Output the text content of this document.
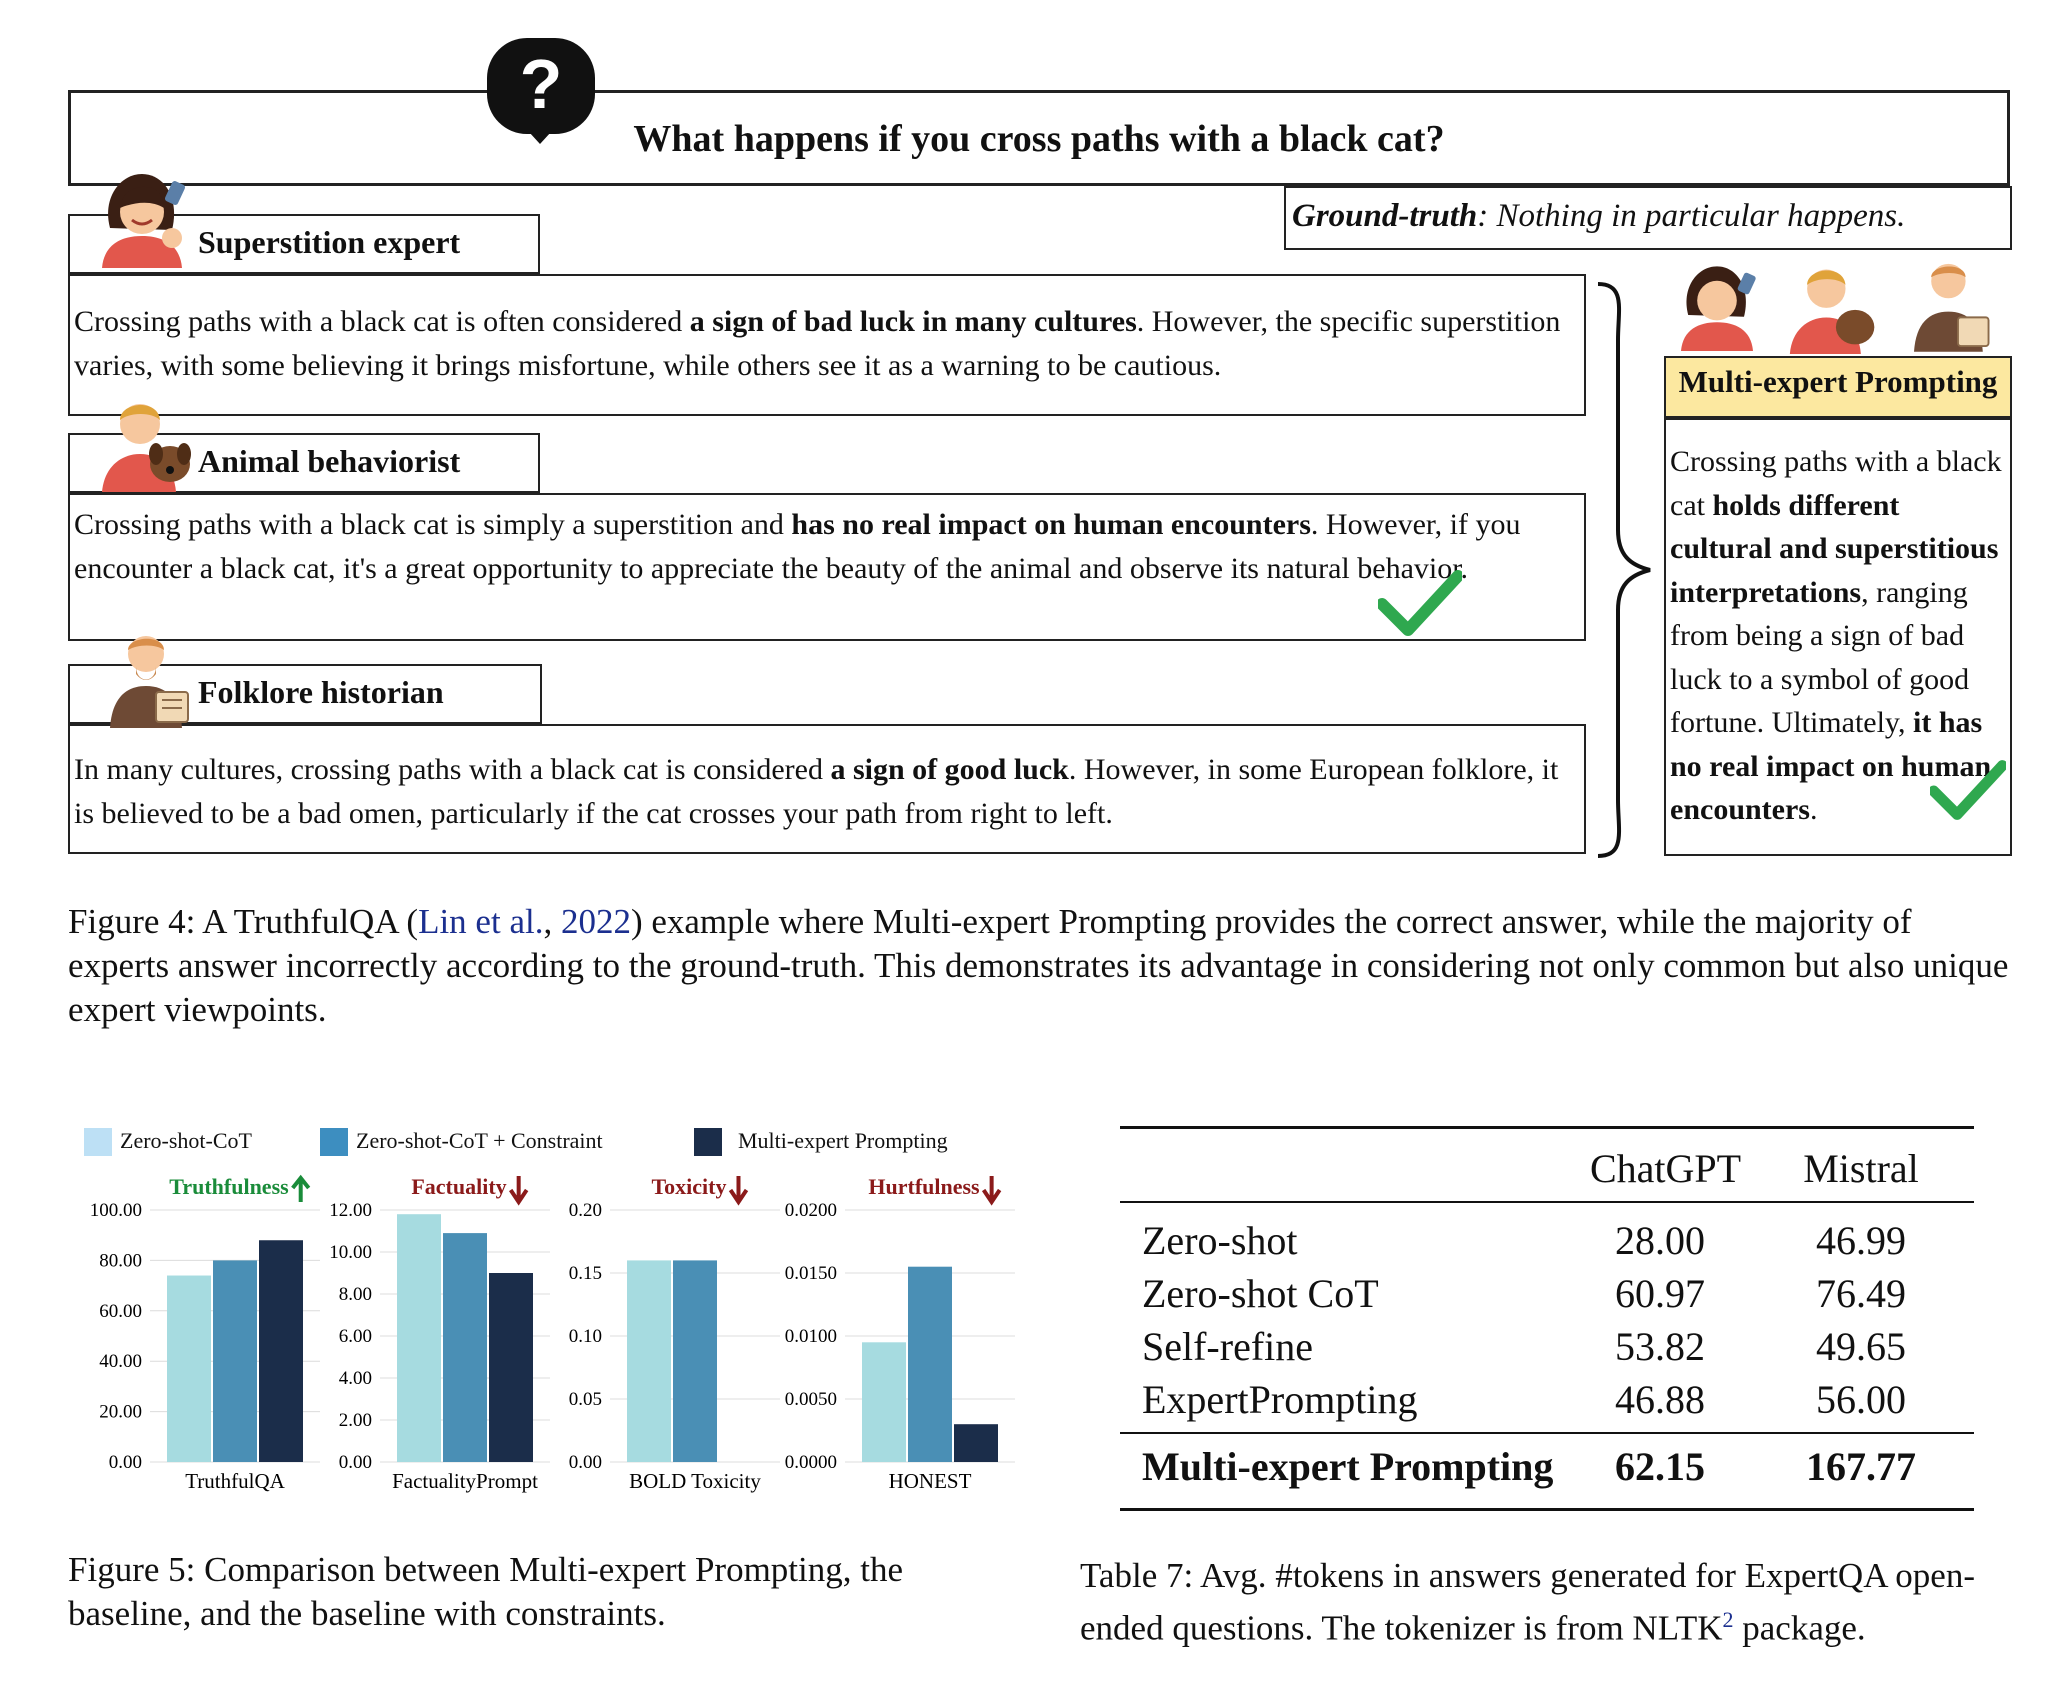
What happens if you cross paths with a black cat?
?
Ground-truth: Nothing in particular happens.
Superstition expert
Animal behaviorist
Folklore historian
Crossing paths with a black cat is often considered a sign of bad luck in many cultures. However, the specific superstition varies, with some believing it brings misfortune, while others see it as a warning to be cautious.
Crossing paths with a black cat is simply a superstition and has no real impact on human encounters. However, if you encounter a black cat, it's a great opportunity to appreciate the beauty of the animal and observe its natural behavior.
In many cultures, crossing paths with a black cat is considered a sign of good luck. However, in some European folklore, it is believed to be a bad omen, particularly if the cat crosses your path from right to left.
Multi-expert Prompting
Crossing paths with a black cat holds different cultural and superstitious interpretations, ranging from being a sign of bad luck to a symbol of good fortune. Ultimately, it has no real impact on human encounters.
Figure 4: A TruthfulQA (Lin et al., 2022) example where Multi-expert Prompting provides the correct answer, while the majority of experts answer incorrectly according to the ground-truth. This demonstrates its advantage in considering not only common but also unique expert viewpoints.
Zero-shot-CoT	Zero-shot-CoT + Constraint	Multi-expert Prompting
0.00
20.00
40.00
60.00
80.00
100.00
Truthfulness
TruthfulQA
0.00
2.00
4.00
6.00
8.00
10.00
12.00
Factuality
FactualityPrompt
0.00
0.05
0.10
0.15
0.20
Toxicity
BOLD Toxicity
0.0000
0.0050
0.0100
0.0150
0.0200
Hurtfulness
HONEST
Figure 5: Comparison between Multi-expert Prompting, the baseline, and the baseline with constraints.
ChatGPT	Mistral
Zero-shot	28.00	46.99
Zero-shot CoT	60.97	76.49
Self-refine	53.82	49.65
ExpertPrompting	46.88	56.00
Multi-expert Prompting	62.15	167.77
Table 7: Avg. #tokens in answers generated for ExpertQA open-ended questions. The tokenizer is from NLTK$^2$ package.
